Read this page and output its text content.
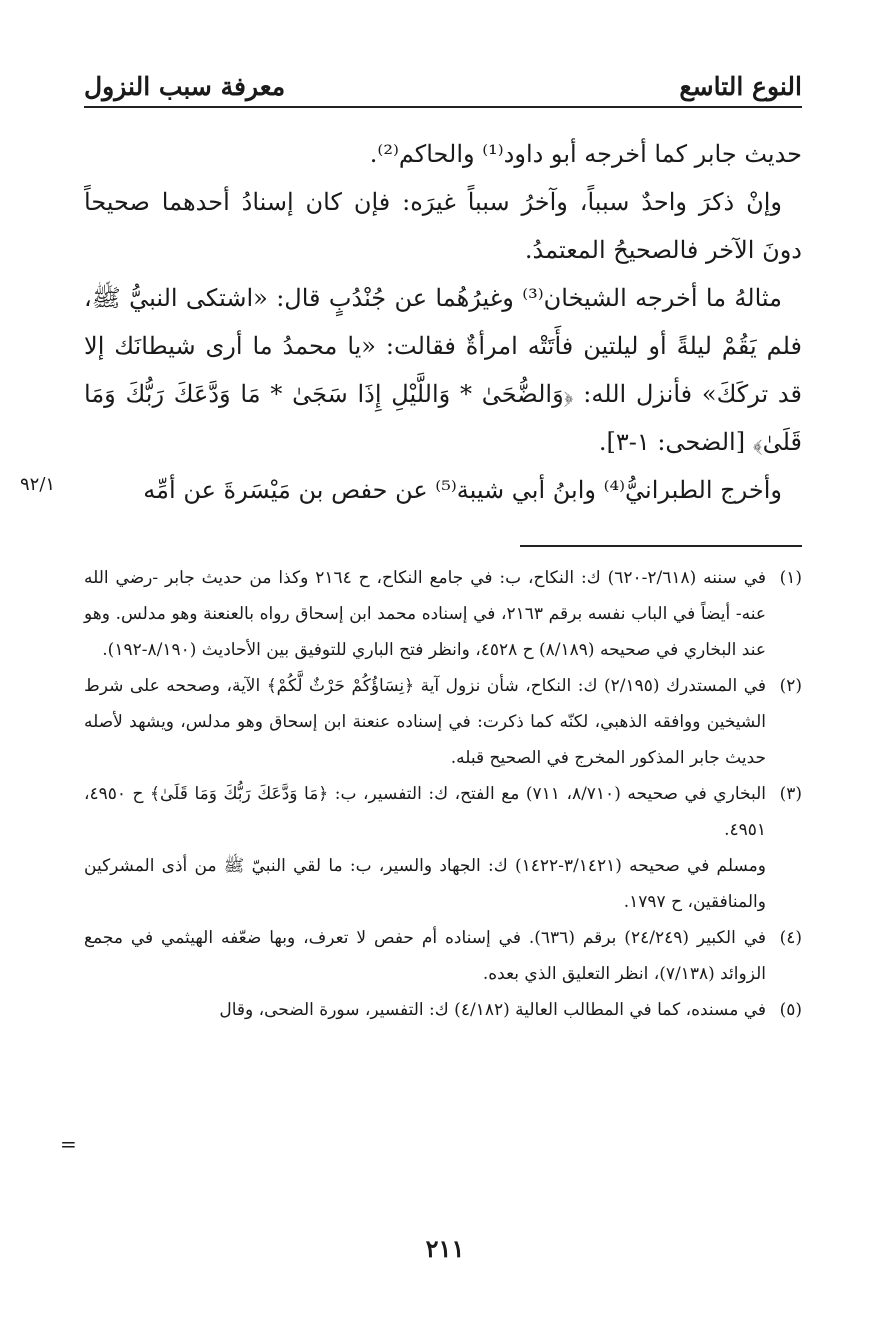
النوع التاسع
معرفة سبب النزول

حديث جابر كما أخرجه أبو داود⁽¹⁾ والحاكم⁽²⁾.

وإنْ ذكرَ واحدٌ سبباً، وآخرُ سبباً غيرَه: فإن كان إسنادُ أحدهما صحيحاً دونَ الآخر فالصحيحُ المعتمدُ.

مثالهُ ما أخرجه الشيخان⁽³⁾ وغيرُهُما عن جُنْدُبٍ قال: «اشتكى النبيُّ ﷺ، فلم يَقُمْ ليلةً أو ليلتين فأَتَتْه امرأةٌ فقالت: «يا محمدُ ما أرى شيطانَك إلا قد تركَكَ» فأنزل الله: ﴿وَالضُّحَىٰ * وَاللَّيْلِ إِذَا سَجَىٰ * مَا وَدَّعَكَ رَبُّكَ وَمَا قَلَىٰ﴾ [الضحى: ١-٣].

وأخرج الطبرانيُّ⁽⁴⁾ وابنُ أبي شيبة⁽⁵⁾ عن حفص بن مَيْسَرةَ عن أمِّه

٩٢/١

(١)في سننه (٢/٦١٨-٦٢٠) ك: النكاح، ب: في جامع النكاح، ح ٢١٦٤ وكذا من حديث جابر -رضي الله عنه- أيضاً في الباب نفسه برقم ٢١٦٣، في إسناده محمد ابن إسحاق رواه بالعنعنة وهو مدلس. وهو عند البخاري في صحيحه (٨/١٨٩) ح ٤٥٢٨، وانظر فتح الباري للتوفيق بين الأحاديث (٨/١٩٠-١٩٢).

(٢)في المستدرك (٢/١٩٥) ك: النكاح، شأن نزول آية ﴿نِسَاؤُكُمْ حَرْثٌ لَّكُمْ﴾ الآية، وصححه على شرط الشيخين ووافقه الذهبي، لكنّه كما ذكرت: في إسناده عنعنة ابن إسحاق وهو مدلس، ويشهد لأصله حديث جابر المذكور المخرج في الصحيح قبله.

(٣)البخاري في صحيحه (٨/٧١٠، ٧١١) مع الفتح، ك: التفسير، ب: ﴿مَا وَدَّعَكَ رَبُّكَ وَمَا قَلَىٰ﴾ ح ٤٩٥٠، ٤٩٥١.

ومسلم في صحيحه (٣/١٤٢١-١٤٢٢) ك: الجهاد والسير، ب: ما لقي النبيّ ﷺ من أذى المشركين والمنافقين، ح ١٧٩٧.

(٤)في الكبير (٢٤/٢٤٩) برقم (٦٣٦). في إسناده أم حفص لا تعرف، وبها ضعّفه الهيثمي في مجمع الزوائد (٧/١٣٨)، انظر التعليق الذي بعده.

(٥)في مسنده، كما في المطالب العالية (٤/١٨٢) ك: التفسير، سورة الضحى، وقال

=
٢١١
